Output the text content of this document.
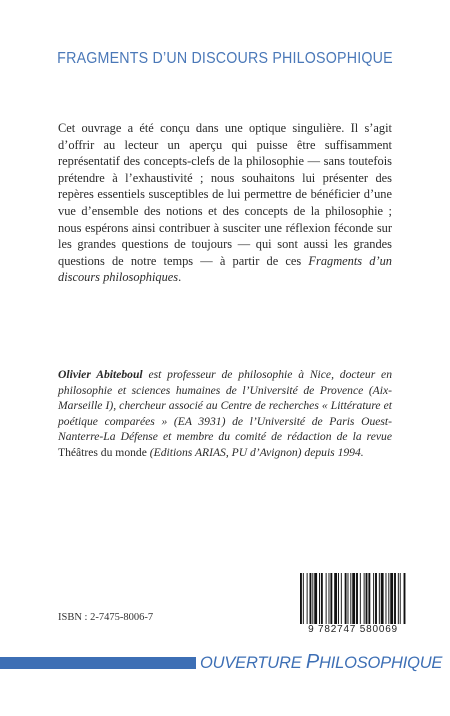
FRAGMENTS D’UN DISCOURS PHILOSOPHIQUE

Cet ouvrage a été conçu dans une optique singulière. Il s’agit d’offrir au lecteur un aperçu qui puisse être suffisamment représentatif des concepts-clefs de la philosophie — sans toutefois prétendre à l’exhaustivité ; nous souhaitons lui présenter des repères essentiels susceptibles de lui permettre de bénéficier d’une vue d’ensemble des notions et des concepts de la philosophie ; nous espérons ainsi contribuer à susciter une réflexion féconde sur les grandes questions de toujours — qui sont aussi les grandes questions de notre temps — à partir de ces Fragments d’un discours philosophiques.

Olivier Abiteboul est professeur de philosophie à Nice, docteur en philosophie et sciences humaines de l’Université de Provence (Aix-Marseille I), chercheur associé au Centre de recherches « Littérature et poétique comparées » (EA 3931) de l’Université de Paris Ouest-Nanterre-La Défense et membre du comité de rédaction de la revue Théâtres du monde (Editions ARIAS, PU d’Avignon) depuis 1994.

ISBN : 2-7475-8006-7
9 782747 580069
OUVERTURE PHILOSOPHIQUE
